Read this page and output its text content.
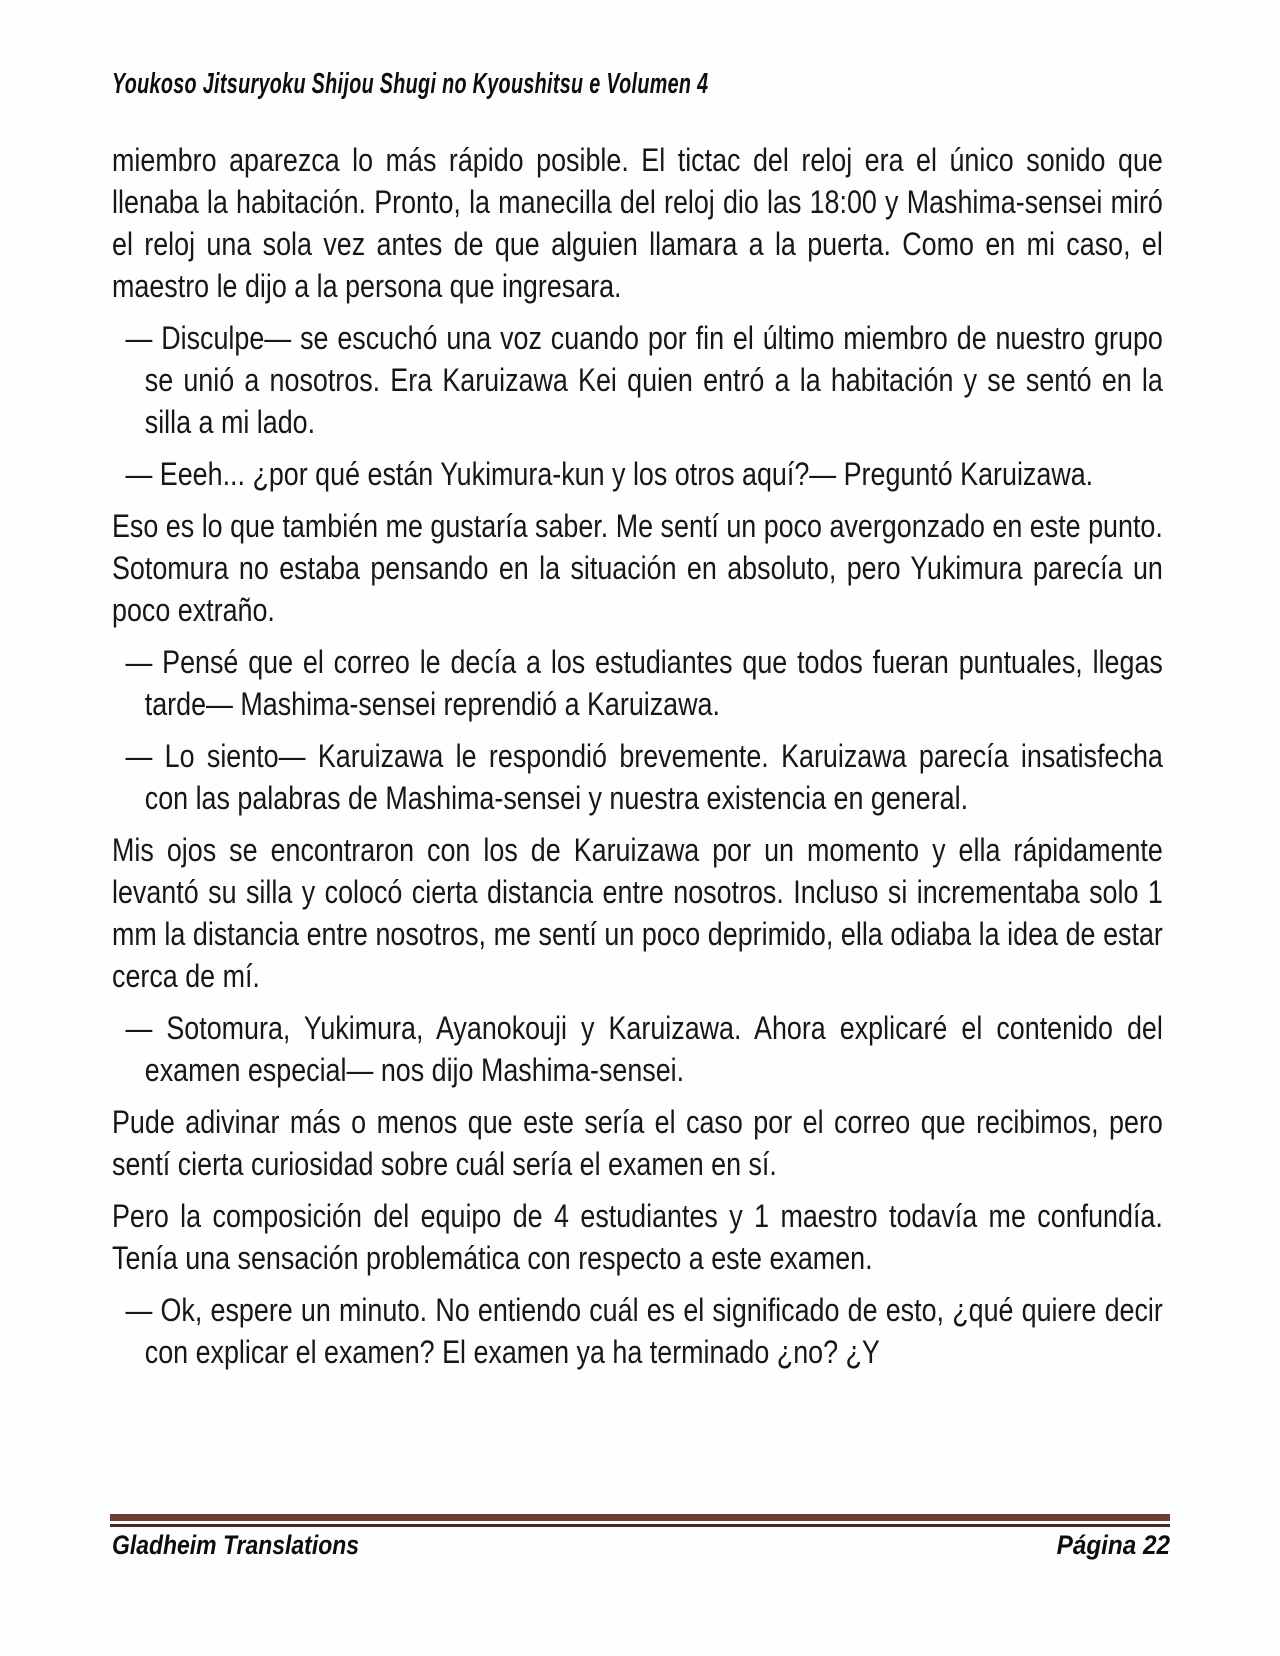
Youkoso Jitsuryoku Shijou Shugi no Kyoushitsu e Volumen 4
miembro aparezca lo más rápido posible. El tictac del reloj era el único sonido que llenaba la habitación. Pronto, la manecilla del reloj dio las 18:00 y Mashima-sensei miró el reloj una sola vez antes de que alguien llamara a la puerta. Como en mi caso, el maestro le dijo a la persona que ingresara.
— Disculpe— se escuchó una voz cuando por fin el último miembro de nuestro grupo se unió a nosotros. Era Karuizawa Kei quien entró a la habitación y se sentó en la silla a mi lado.
— Eeeh... ¿por qué están Yukimura-kun y los otros aquí?— Preguntó Karuizawa.
Eso es lo que también me gustaría saber. Me sentí un poco avergonzado en este punto. Sotomura no estaba pensando en la situación en absoluto, pero Yukimura parecía un poco extraño.
— Pensé que el correo le decía a los estudiantes que todos fueran puntuales, llegas tarde— Mashima-sensei reprendió a Karuizawa.
— Lo siento— Karuizawa le respondió brevemente. Karuizawa parecía insatisfecha con las palabras de Mashima-sensei y nuestra existencia en general.
Mis ojos se encontraron con los de Karuizawa por un momento y ella rápidamente levantó su silla y colocó cierta distancia entre nosotros. Incluso si incrementaba solo 1 mm la distancia entre nosotros, me sentí un poco deprimido, ella odiaba la idea de estar cerca de mí.
— Sotomura, Yukimura, Ayanokouji y Karuizawa. Ahora explicaré el contenido del examen especial— nos dijo Mashima-sensei.
Pude adivinar más o menos que este sería el caso por el correo que recibimos, pero sentí cierta curiosidad sobre cuál sería el examen en sí.
Pero la composición del equipo de 4 estudiantes y 1 maestro todavía me confundía. Tenía una sensación problemática con respecto a este examen.
— Ok, espere un minuto. No entiendo cuál es el significado de esto, ¿qué quiere decir con explicar el examen? El examen ya ha terminado ¿no? ¿Y
Gladheim Translations	Página 22
